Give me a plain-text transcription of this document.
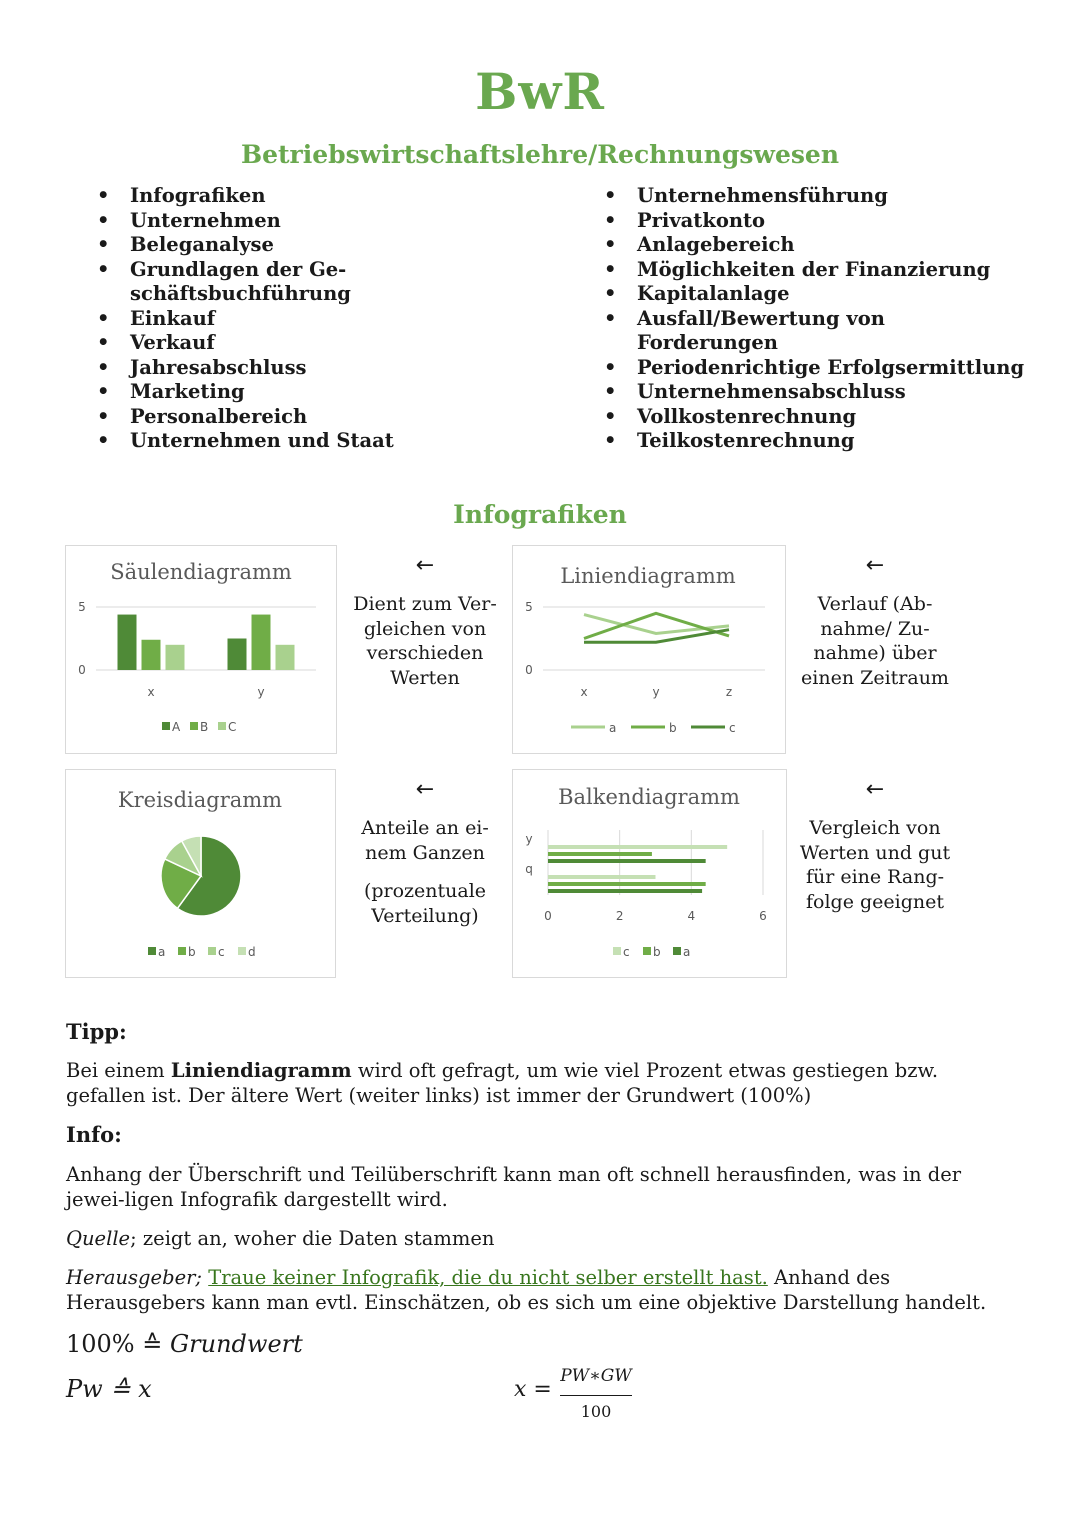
BwR
Betriebswirtschaftslehre/Rechnungswesen
• Infografiken
• Unternehmen
• Beleganalyse
• Grundlagen der Ge-schäftsbuchführung
• Einkauf
• Verkauf
• Jahresabschluss
• Marketing
• Personalbereich
• Unternehmen und Staat
• Unternehmensführung
• Privatkonto
• Anlagebereich
• Möglichkeiten der Finanzierung
• Kapitalanlage
• Ausfall/Bewertung von Forderungen
• Periodenrichtige Erfolgsermittlung
• Unternehmensabschluss
• Vollkostenrechnung
• Teilkostenrechnung
Infografiken
Säulendiagramm
0
5
x	y
A B C
Liniendiagramm
0
5
x	y	z
a	b	c
Kreisdiagramm
a b c d
Balkendiagramm
0	2	4	6
q
y
c b a
←	←
←	←
Dient zum Ver-
gleichen von
verschieden
Werten
Verlauf (Ab-
nahme/ Zu-
nahme) über
einen Zeitraum
Anteile an ei-
nem Ganzen
(prozentuale
Verteilung)
Vergleich von
Werten und gut
für eine Rang-
folge geeignet
Tipp:
Bei einem Liniendiagramm wird oft gefragt, um wie viel Prozent etwas gestiegen bzw. gefallen ist. Der ältere Wert (weiter links) ist immer der Grundwert (100%)
Info:
Anhang der Überschrift und Teilüberschrift kann man oft schnell herausfinden, was in der jewei-ligen Infografik dargestellt wird.
Quelle; zeigt an, woher die Daten stammen
Herausgeber; Traue keiner Infografik, die du nicht selber erstellt hast. Anhand des Herausgebers kann man evtl. Einschätzen, ob es sich um eine objektive Darstellung handelt.
100% ≙ Grundwert
Pw ≙ x	x =
PW∗GW
100
